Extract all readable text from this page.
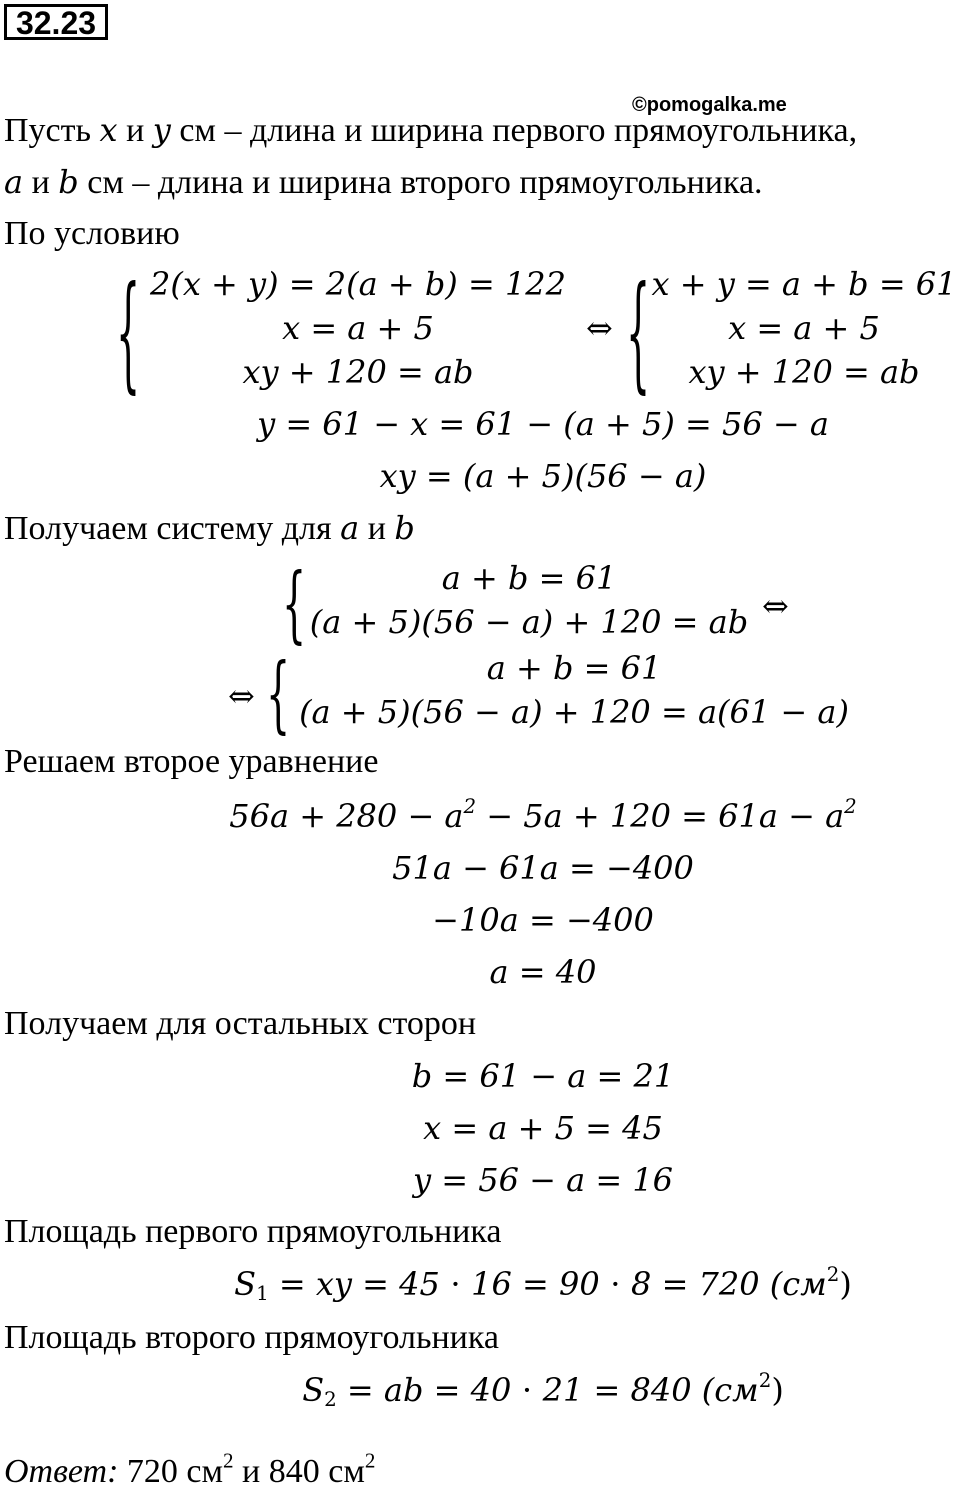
32.23
©pomogalka.me
Пусть x и y см – длина и ширина первого прямоугольника,
a и b см – длина и ширина второго прямоугольника.
По условию
{ 2(x + y) = 2(a + b) = 122
x = a + 5
xy + 120 = ab
⇔ { x + y = a + b = 61
x = a + 5
xy + 120 = ab
y = 61 − x = 61 − (a + 5) = 56 − a
xy = (a + 5)(56 − a)
Получаем систему для a и b
{	a + b = 61
(a + 5)(56 − a) + 120 = ab ⇔
⇔ {	a + b = 61
(a + 5)(56 − a) + 120 = a(61 − a)
Решаем второе уравнение
$56a + 280 - a^2 - 5a + 120 = 61a - a^2$
51a − 61a = −400
−10a = −400
a = 40
Получаем для остальных сторон
b = 61 − a = 21
x = a + 5 = 45
y = 56 − a = 16
Площадь первого прямоугольника
$S_1$ = xy = 45 ⋅ 16 = 90 ⋅ 8 = 720 $(см^2)$
Площадь второго прямоугольника
$S_2$ = ab = 40 ⋅ 21 = 840 $(см^2)$
Ответ: 720 $см^2$ и 840 $см^2$
